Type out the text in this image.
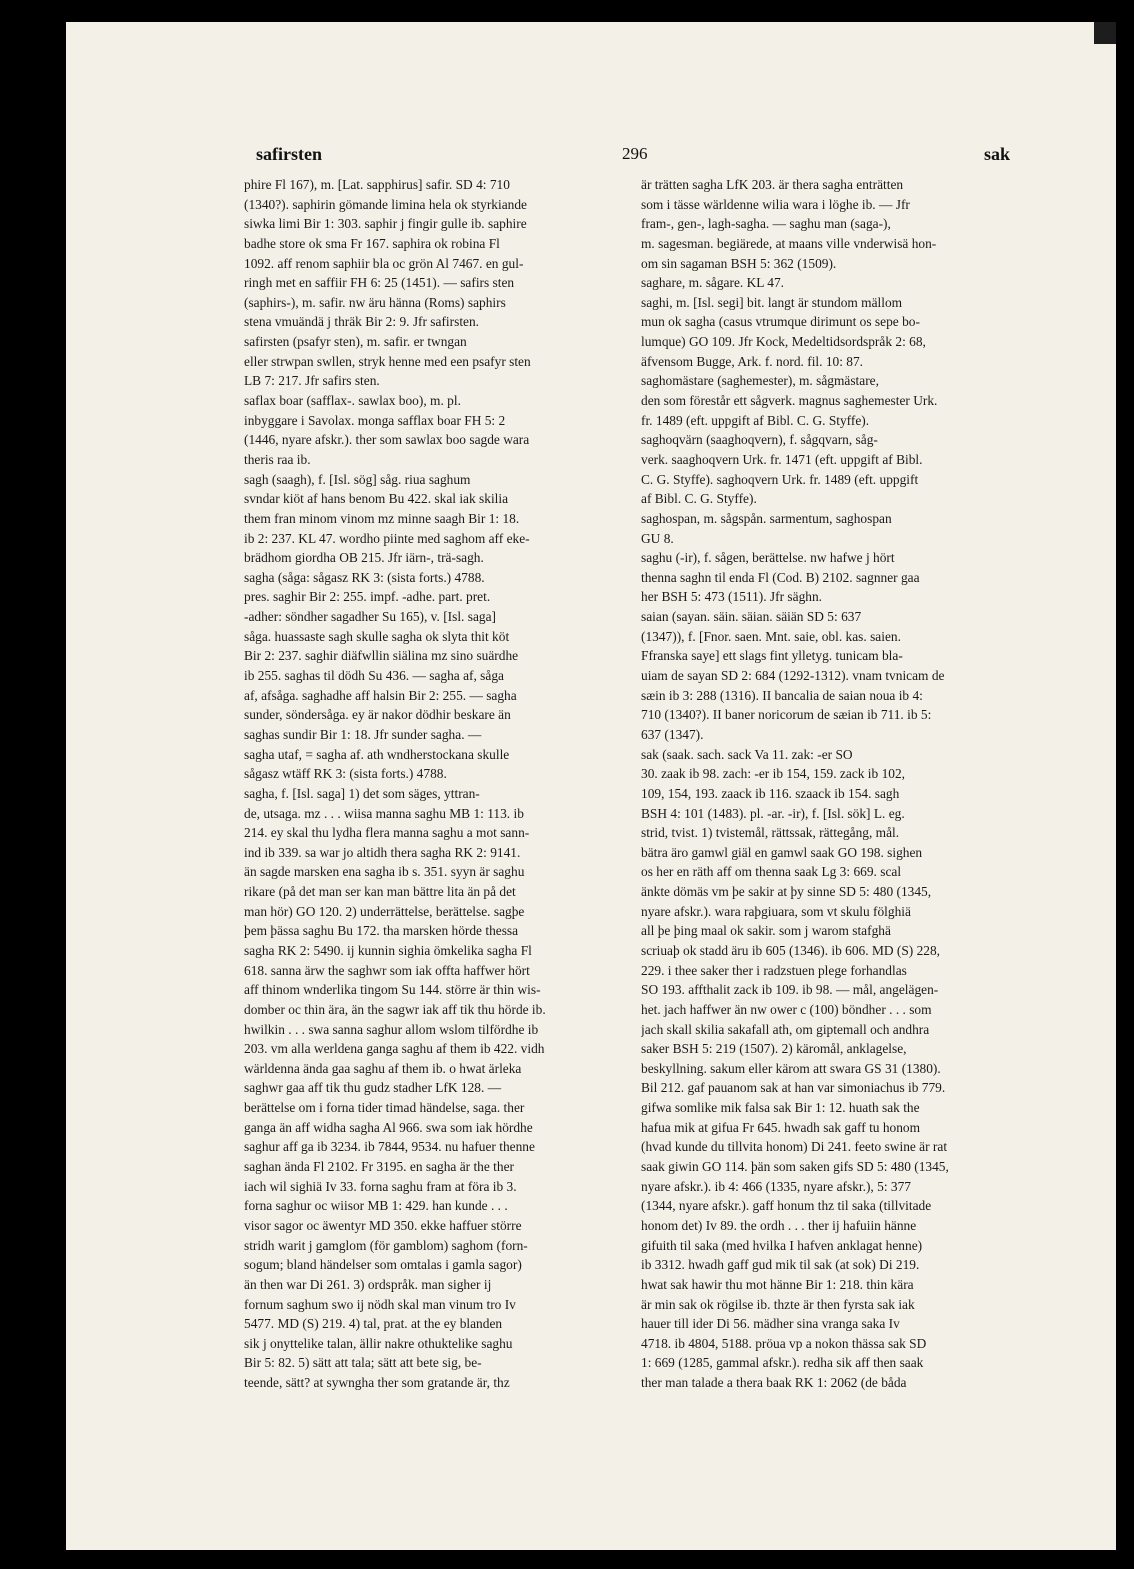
safirsten	296	sak
phire Fl 167), m. [Lat. sapphirus] safir. SD 4: 710
(1340?). saphirin gömande limina hela ok styrkiande
siwka limi Bir 1: 303. saphir j fingir gulle ib. saphire
badhe store ok sma Fr 167. saphira ok robina Fl
1092. aff renom saphiir bla oc grön Al 7467. en gul-
ringh met en saffiir FH 6: 25 (1451). — safirs sten
(saphirs-), m. safir. nw äru hänna (Roms) saphirs
stena vmuändä j thräk Bir 2: 9. Jfr safirsten.
safirsten (psafyr sten), m. safir. er twngan
eller strwpan swllen, stryk henne med een psafyr sten
LB 7: 217. Jfr safirs sten.
saflax boar (safflax-. sawlax boo), m. pl.
inbyggare i Savolax. monga safflax boar FH 5: 2
(1446, nyare afskr.). ther som sawlax boo sagde wara
theris raa ib.
sagh (saagh), f. [Isl. sög] såg. riua saghum
svndar kiöt af hans benom Bu 422. skal iak skilia
them fran minom vinom mz minne saagh Bir 1: 18.
ib 2: 237. KL 47. wordho piinte med saghom aff eke-
brädhom giordha OB 215. Jfr iärn-, trä-sagh.
sagha (såga: sågasz RK 3: (sista forts.) 4788.
pres. saghir Bir 2: 255. impf. -adhe. part. pret.
-adher: söndher sagadher Su 165), v. [Isl. saga]
såga. huassaste sagh skulle sagha ok slyta thit köt
Bir 2: 237. saghir diäfwllin siälina mz sino suärdhe
ib 255. saghas til dödh Su 436. — sagha af, såga
af, afsåga. saghadhe aff halsin Bir 2: 255. — sagha
sunder, söndersåga. ey är nakor dödhir beskare än
saghas sundir Bir 1: 18. Jfr sunder sagha. —
sagha utaf, = sagha af. ath wndherstockana skulle
sågasz wtäff RK 3: (sista forts.) 4788.
sagha, f. [Isl. saga] 1) det som säges, yttran-
de, utsaga. mz . . . wiisa manna saghu MB 1: 113. ib
214. ey skal thu lydha flera manna saghu a mot sann-
ind ib 339. sa war jo altidh thera sagha RK 2: 9141.
än sagde marsken ena sagha ib s. 351. syyn är saghu
rikare (på det man ser kan man bättre lita än på det
man hör) GO 120. 2) underrättelse, berättelse. sagþe
þem þässa saghu Bu 172. tha marsken hörde thessa
sagha RK 2: 5490. ij kunnin sighia ömkelika sagha Fl
618. sanna ärw the saghwr som iak offta haffwer hört
aff thinom wnderlika tingom Su 144. större är thin wis-
domber oc thin ära, än the sagwr iak aff tik thu hörde ib.
hwilkin . . . swa sanna saghur allom wslom tilfördhe ib
203. vm alla werldena ganga saghu af them ib 422. vidh
wärldenna ända gaa saghu af them ib. o hwat ärleka
saghwr gaa aff tik thu gudz stadher LfK 128. —
berättelse om i forna tider timad händelse, saga. ther
ganga än aff widha sagha Al 966. swa som iak hördhe
saghur aff ga ib 3234. ib 7844, 9534. nu hafuer thenne
saghan ända Fl 2102. Fr 3195. en sagha är the ther
iach wil sighiä Iv 33. forna saghu fram at föra ib 3.
forna saghur oc wiisor MB 1: 429. han kunde . . .
visor sagor oc äwentyr MD 350. ekke haffuer större
stridh warit j gamglom (för gamblom) saghom (forn-
sogum; bland händelser som omtalas i gamla sagor)
än then war Di 261. 3) ordspråk. man sigher ij
fornum saghum swo ij nödh skal man vinum tro Iv
5477. MD (S) 219. 4) tal, prat. at the ey blanden
sik j onyttelike talan, ällir nakre othuktelike saghu
Bir 5: 82. 5) sätt att tala; sätt att bete sig, be-
teende, sätt? at sywngha ther som gratande är, thz
är trätten sagha LfK 203. är thera sagha enträtten
som i tässe wärldenne wilia wara i löghe ib. — Jfr
fram-, gen-, lagh-sagha. — saghu man (saga-),
m. sagesman. begiärede, at maans ville vnderwisä hon-
om sin sagaman BSH 5: 362 (1509).
saghare, m. sågare. KL 47.
saghi, m. [Isl. segi] bit. langt är stundom mällom
mun ok sagha (casus vtrumque dirimunt os sepe bo-
lumque) GO 109. Jfr Kock, Medeltidsordspråk 2: 68,
äfvensom Bugge, Ark. f. nord. fil. 10: 87.
saghomästare (saghemester), m. sågmästare,
den som förestår ett sågverk. magnus saghemester Urk.
fr. 1489 (eft. uppgift af Bibl. C. G. Styffe).
saghoqvärn (saaghoqvern), f. sågqvarn, såg-
verk. saaghoqvern Urk. fr. 1471 (eft. uppgift af Bibl.
C. G. Styffe). saghoqvern Urk. fr. 1489 (eft. uppgift
af Bibl. C. G. Styffe).
saghospan, m. sågspån. sarmentum, saghospan
GU 8.
saghu (-ir), f. sågen, berättelse. nw hafwe j hört
thenna saghn til enda Fl (Cod. B) 2102. sagnner gaa
her BSH 5: 473 (1511). Jfr säghn.
saian (sayan. säin. säian. säiän SD 5: 637
(1347)), f. [Fnor. saen. Mnt. saie, obl. kas. saien.
Ffranska saye] ett slags fint ylletyg. tunicam bla-
uiam de sayan SD 2: 684 (1292-1312). vnam tvnicam de
sæin ib 3: 288 (1316). II bancalia de saian noua ib 4:
710 (1340?). II baner noricorum de sæian ib 711. ib 5:
637 (1347).
sak (saak. sach. sack Va 11. zak: -er SO
30. zaak ib 98. zach: -er ib 154, 159. zack ib 102,
109, 154, 193. zaack ib 116. szaack ib 154. sagh
BSH 4: 101 (1483). pl. -ar. -ir), f. [Isl. sök] L. eg.
strid, tvist. 1) tvistemål, rättssak, rättegång, mål.
bätra äro gamwl giäl en gamwl saak GO 198. sighen
os her en räth aff om thenna saak Lg 3: 669. scal
änkte dömäs vm þe sakir at þy sinne SD 5: 480 (1345,
nyare afskr.). wara raþgiuara, som vt skulu fölghiä
all þe þing maal ok sakir. som j warom stafghä
scriuaþ ok stadd äru ib 605 (1346). ib 606. MD (S) 228,
229. i thee saker ther i radzstuen plege forhandlas
SO 193. affthalit zack ib 109. ib 98. — mål, angelägen-
het. jach haffwer än nw ower c (100) böndher . . . som
jach skall skilia sakafall ath, om giptemall och andhra
saker BSH 5: 219 (1507). 2) käromål, anklagelse,
beskyllning. sakum eller kärom att swara GS 31 (1380).
Bil 212. gaf pauanom sak at han var simoniachus ib 779.
gifwa somlike mik falsa sak Bir 1: 12. huath sak the
hafua mik at gifua Fr 645. hwadh sak gaff tu honom
(hvad kunde du tillvita honom) Di 241. feeto swine är rat
saak giwin GO 114. þän som saken gifs SD 5: 480 (1345,
nyare afskr.). ib 4: 466 (1335, nyare afskr.), 5: 377
(1344, nyare afskr.). gaff honum thz til saka (tillvitade
honom det) Iv 89. the ordh . . . ther ij hafuiin hänne
gifuith til saka (med hvilka I hafven anklagat henne)
ib 3312. hwadh gaff gud mik til sak (at sok) Di 219.
hwat sak hawir thu mot hänne Bir 1: 218. thin kära
är min sak ok rögilse ib. thzte är then fyrsta sak iak
hauer till ider Di 56. mädher sina vranga saka Iv
4718. ib 4804, 5188. pröua vp a nokon thässa sak SD
1: 669 (1285, gammal afskr.). redha sik aff then saak
ther man talade a thera baak RK 1: 2062 (de båda
